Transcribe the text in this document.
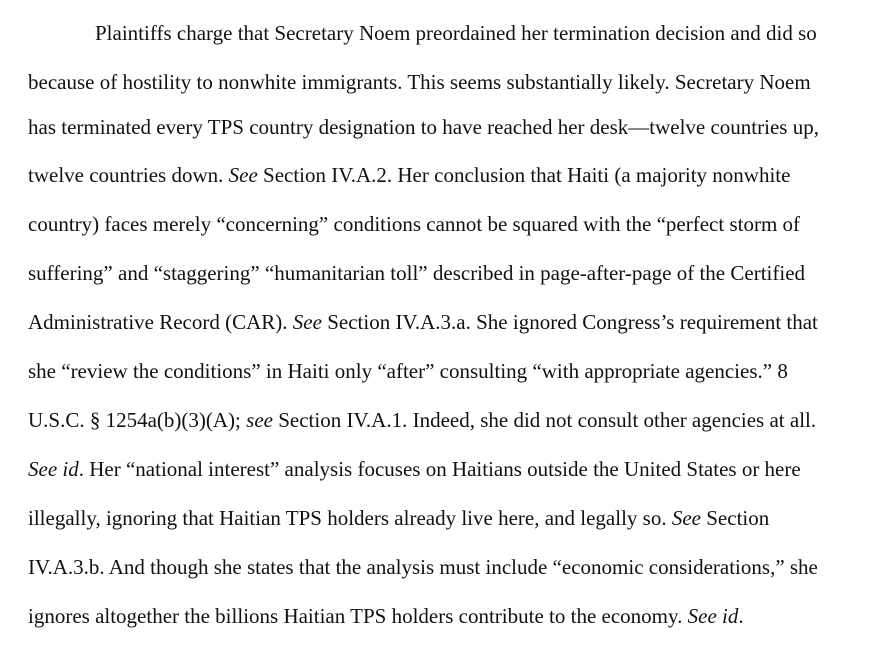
Plaintiffs charge that Secretary Noem preordained her termination decision and did so
because of hostility to nonwhite immigrants. This seems substantially likely. Secretary Noem
has terminated every TPS country designation to have reached her desk—twelve countries up,
twelve countries down. See Section IV.A.2. Her conclusion that Haiti (a majority nonwhite
country) faces merely “concerning” conditions cannot be squared with the “perfect storm of
suffering” and “staggering” “humanitarian toll” described in page-after-page of the Certified
Administrative Record (CAR). See Section IV.A.3.a. She ignored Congress’s requirement that
she “review the conditions” in Haiti only “after” consulting “with appropriate agencies.” 8
U.S.C. § 1254a(b)(3)(A); see Section IV.A.1. Indeed, she did not consult other agencies at all.
See id. Her “national interest” analysis focuses on Haitians outside the United States or here
illegally, ignoring that Haitian TPS holders already live here, and legally so. See Section
IV.A.3.b. And though she states that the analysis must include “economic considerations,” she
ignores altogether the billions Haitian TPS holders contribute to the economy. See id.
